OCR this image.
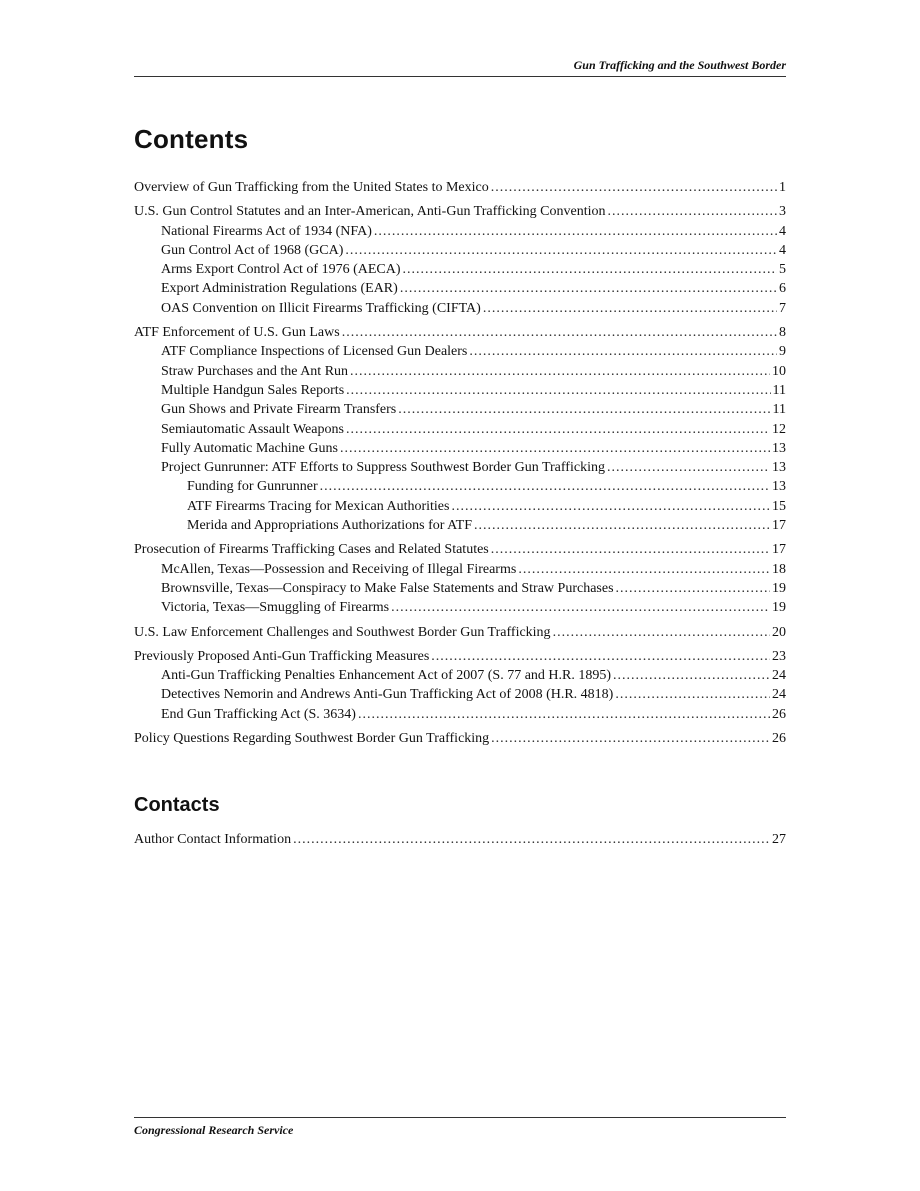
Gun Trafficking and the Southwest Border
Contents
Overview of Gun Trafficking from the United States to Mexico .....	1
U.S. Gun Control Statutes and an Inter-American, Anti-Gun Trafficking Convention .....	3
National Firearms Act of 1934 (NFA) .....	4
Gun Control Act of 1968 (GCA) .....	4
Arms Export Control Act of 1976 (AECA) .....	5
Export Administration Regulations (EAR) .....	6
OAS Convention on Illicit Firearms Trafficking (CIFTA) .....	7
ATF Enforcement of U.S. Gun Laws .....	8
ATF Compliance Inspections of Licensed Gun Dealers .....	9
Straw Purchases and the Ant Run .....	10
Multiple Handgun Sales Reports .....	11
Gun Shows and Private Firearm Transfers .....	11
Semiautomatic Assault Weapons .....	12
Fully Automatic Machine Guns .....	13
Project Gunrunner: ATF Efforts to Suppress Southwest Border Gun Trafficking .....	13
Funding for Gunrunner .....	13
ATF Firearms Tracing for Mexican Authorities .....	15
Merida and Appropriations Authorizations for ATF .....	17
Prosecution of Firearms Trafficking Cases and Related Statutes .....	17
McAllen, Texas—Possession and Receiving of Illegal Firearms .....	18
Brownsville, Texas—Conspiracy to Make False Statements and Straw Purchases .....	19
Victoria, Texas—Smuggling of Firearms .....	19
U.S. Law Enforcement Challenges and Southwest Border Gun Trafficking .....	20
Previously Proposed Anti-Gun Trafficking Measures .....	23
Anti-Gun Trafficking Penalties Enhancement Act of 2007 (S. 77 and H.R. 1895) .....	24
Detectives Nemorin and Andrews Anti-Gun Trafficking Act of 2008 (H.R. 4818) .....	24
End Gun Trafficking Act (S. 3634) .....	26
Policy Questions Regarding Southwest Border Gun Trafficking .....	26
Contacts
Author Contact Information .....	27
Congressional Research Service
